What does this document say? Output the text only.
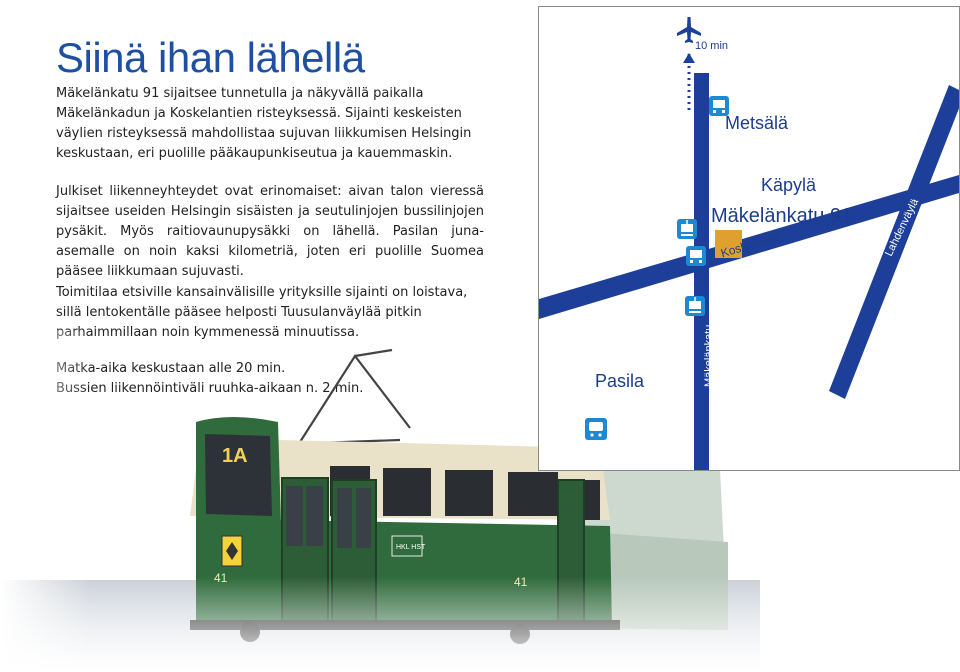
Siinä ihan lähellä

Mäkelänkatu 91 sijaitsee tunnetulla ja näkyvällä paikalla Mäkelänkadun ja Koskelantien risteyksessä. Sijainti keskeisten väylien risteyksessä mahdollistaa sujuvan liikkumisen Helsingin keskustaan, eri puolille pääkaupunkiseutua ja kauemmaskin.

Julkiset liikenneyhteydet ovat erinomaiset: aivan talon vieressä sijaitsee useiden Helsingin sisäisten ja seutulinjojen bussilinjojen pysäkit. Myös raitiovaunupysäkki on lähellä. Pasilan juna-asemalle on noin kaksi kilometriä, joten eri puolille Suomea pääsee liikkumaan sujuvasti.

Toimitilaa etsiville kansainvälisille yrityksille sijainti on loistava, sillä lentokentälle pääsee helposti Tuusulanväylää pitkin

10 min
Metsälä
Käpylä
Mäkelänkatu 91
Pasila
Koskelantie
Mäkelänkatu
Lahdenväylä
